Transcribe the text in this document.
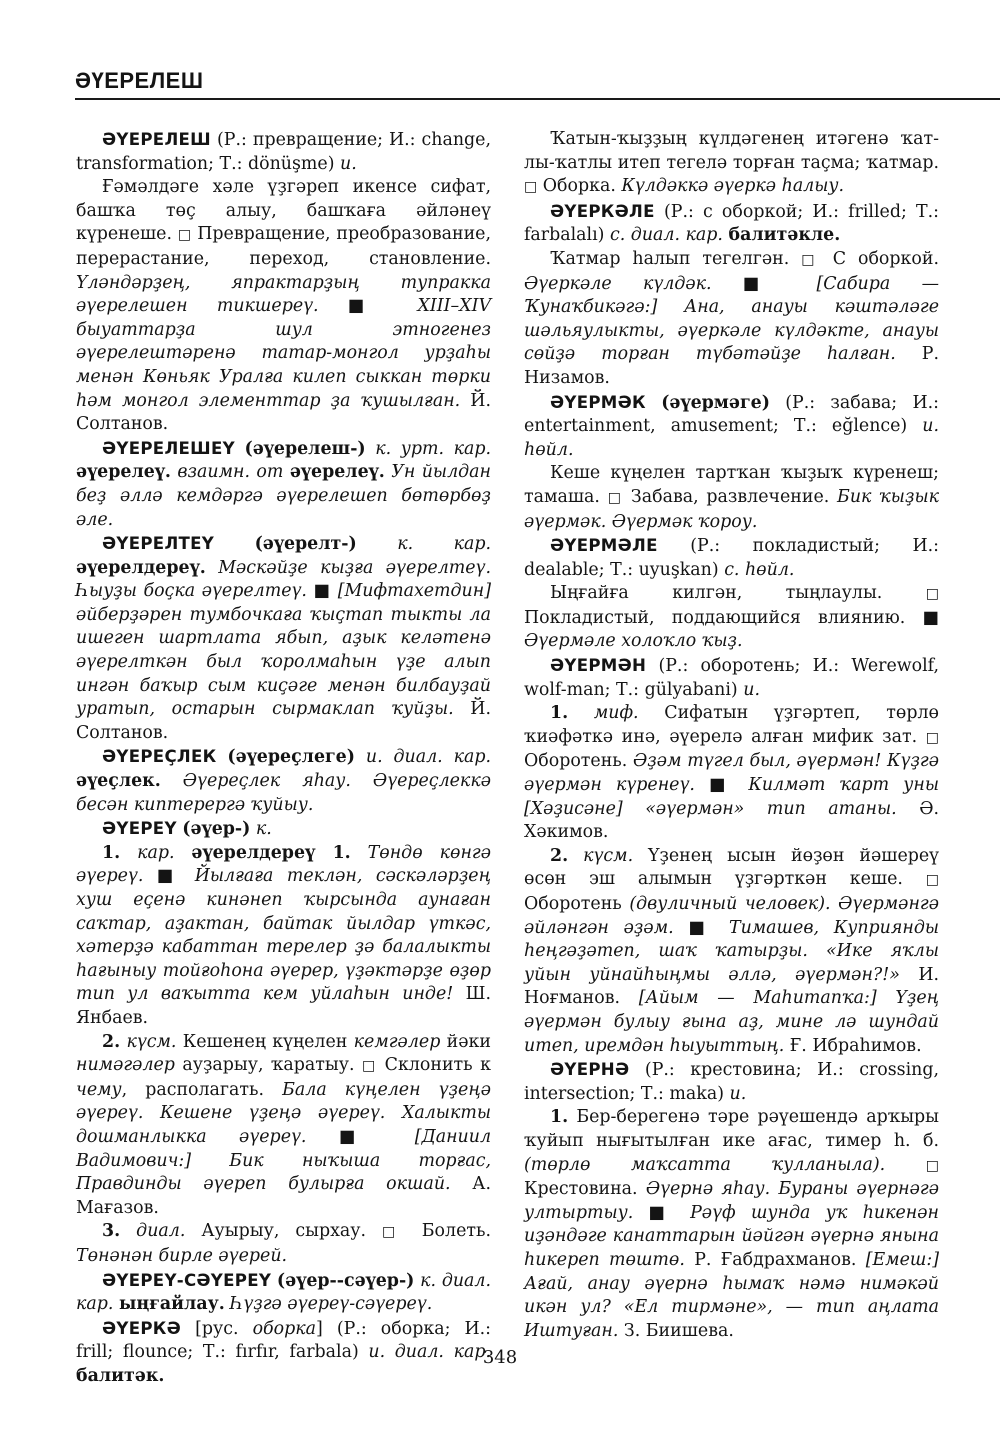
ӘҮЕРЕЛЕШ

ӘҮЕРЕЛЕШ (Р.: превращение; И.: change, transformation; Т.: dönüşme) и.

Ғәмәлдәге хәле үҙгәреп икенсе сифат, башҡа төҫ алыу, башҡаға әйләнеү күренеше. □ Превращение, преобразование, перерастание, переход, становление. Үләндәрҙең, япрактарҙың тупракка әүерелешен тикшереү. ■ XIII–XIV быуаттарҙа шул этногенез әүерелештәренә татар-монгол урҙаһы менән Көньяк Уралға килеп сыккан төрки һәм монгол элементтар ҙа ҡушылған. Й. Солтанов.

ӘҮЕРЕЛЕШЕҮ (әүерелеш-) к. урт. кар. әүерелеү. взаимн. от әүерелеү. Ун йылдан беҙ әллә кемдәргә әүерелешеп бөтөрбөҙ әле.

ӘҮЕРЕЛТЕҮ (әүерелт-) к. кар. әүерелдереү. Мәскәйҙе кыҙға әүерелтеү. Һыуҙы боҫка әүерелтеү. ■ [Мифтахетдин] әйберҙәрен тумбочкаға ҡыҫтап тыкты ла ишеген шартлата ябып, аҙык келәтенә әүерелткән был ҡоролмаһын үҙе алып ингән баҡыр сым киҫәге менән билбауҙай уратып, остарын сырмаклап ҡуйҙы. Й. Солтанов.

ӘҮЕРЕҪЛЕК (әүереҫлеге) и. диал. кар. әүеҫлек. Әүереҫлек яһау. Әүереҫлеккә бесән киптерергә ҡуйыу.

ӘҮЕРЕҮ (әүер-) к.

1. кар. әүерелдереү 1. Төндө көнгә әүереү. ■ Йылғаға теклән, сәскәләрҙең хуш еҫенә кинәнеп ҡырсында аунаған саҡтар, аҙактан, байтак йылдар үткәс, хәтерҙә кабаттан терелер ҙә балалыкты һағыныу тойғоhона әүерер, үҙәктәрҙе өҙөр тип ул ваҡытта кем уйлаһын инде! Ш. Янбаев.

2. күсм. Кешенең күңелен кемгәлер йәки нимәгәлер ауҙарыу, ҡаратыу. □ Склонить к чему, располагать. Бала күңелен үҙеңә әүереү. Кешене үҙеңә әүереү. Халыкты дошманлыкка әүереү. ■ [Даниил Вадимович:] Бик ныҡыша торғас, Правдинды әүереп булырға окшай. А. Мағазов.

3. диал. Ауырыу, сырхау. □ Болеть. Төнәнән бирле әүерей.

ӘҮЕРЕҮ-СӘҮЕРЕҮ (әүер--сәүер-) к. диал. кар. ыңғайлау. Һүҙгә әүереү-сәүереү.

ӘҮЕРКӘ [рус. оборка] (Р.: оборка; И.: frill; flounce; Т.: fırfır, farbala) и. диал. кар. балитәк.

Ҡатын-ҡыҙҙың күлдәгенең итәгенә ҡат-лы-ҡатлы итеп тегелә торған таҫма; ҡатмар. □ Оборка. Күлдәккә әүеркә һалыу.

ӘҮЕРКӘЛЕ (Р.: с оборкой; И.: frilled; Т.: farbalalı) с. диал. кар. балитәкле.

Ҡатмар һалып тегелгән. □ С оборкой. Әүеркәле күлдәк. ■ [Сабира — Ҡунаҡбикәгә:] Ана, анауы кәштәләге шәльяулыкты, әүеркәле күлдәкте, анауы сөйҙә торған түбәтәйҙе һалған. Р. Низамов.

ӘҮЕРМӘК (әүермәге) (Р.: забава; И.: entertainment, amusement; Т.: eğlence) и. һөйл.

Кеше күңелен тартҡан ҡыҙыҡ күренеш; тамаша. □ Забава, развлечение. Бик ҡыҙык әүермәк. Әүермәк ҡороу.

ӘҮЕРМӘЛЕ (Р.: покладистый; И.: dealable; Т.: uyuşkan) с. һөйл.

Ыңғайға килгән, тыңлаулы.	□ Покладистый, поддающийся влиянию. ■ Әүермәле холоҡло ҡыҙ.

ӘҮЕРМӘН (Р.: оборотень; И.: Werewolf, wolf-man; Т.: gülyabani) и.

1. миф. Сифатын үҙгәртеп, төрлө ҡиәфәткә инә, әүерелә алған мифик зат. □ Оборотень. Әҙәм түгел был, әүермән! Күҙгә әүермән күренеү. ■ Килмәт ҡарт уны [Хәҙисәне] «әүермән» тип атаны. Ә. Хәкимов.

2. күсм. Үҙенең ысын йөҙөн йәшереү өсөн эш алымын үҙгәрткән кеше. □ Оборотень (двуличный человек). Әүермәнгә әйләнгән әҙәм. ■ Тимашев, Куприянды һеңгәҙәтеп, шаҡ ҡатырҙы. «Ике яҡлы уйын уйнайһыңмы әллә, әүермән?!» И. Ноғманов. [Айым — Маһитапҡа:] Үҙең әүермән булыу ғына аҙ, мине лә шундай итеп, иремдән һыуыттың. Ғ. Ибраһимов.

ӘҮЕРНӘ (Р.: крестовина; И.: crossing, intersection; Т.: maka) и.

1. Бер-берегенә тәре рәүешендә арҡыры ҡуйып нығытылған ике ағас, тимер һ. б. (төрлө маҡсатта ҡулланыла).	□ Крестовина. Әүернә яһау. Бураны әүернәгә ултыртыу. ■ Рәүф шунда уҡ һикенән иҙәндәге канаттарын йәйгән әүернә янына һикереп төштө. Р. Ғабдрахманов. [Емеш:] Ағай, анау әүернә һымаҡ нәмә нимәкәй икән ул? «Ел тирмәне», — тип аңлата Иштуған. З. Биишева.

348
